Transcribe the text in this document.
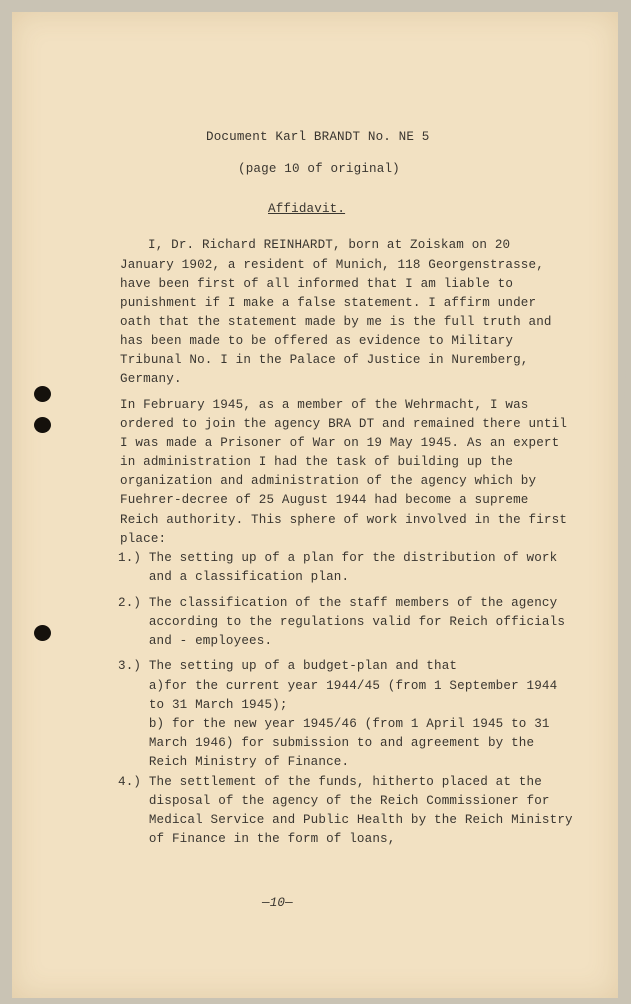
Document Karl BRANDT No. NE 5
(page 10 of original)
Affidavit.
I, Dr. Richard REINHARDT, born at Zoiskam on 20
January 1902, a resident of Munich, 118 Georgenstrasse,
have been first of all informed that I am liable to
punishment if I make a false statement. I affirm under
oath that the statement made by me is the full truth and
has been made to be offered as evidence to Military
Tribunal No. I in the Palace of Justice in Nuremberg,
Germany.
In February 1945, as a member of the Wehrmacht, I was
ordered to join the agency BRA DT and remained there until
I was made a Prisoner of War on 19 May 1945. As an expert
in administration I had the task of building up the
organization and administration of the agency which by
Fuehrer-decree of 25 August 1944 had become a supreme
Reich authority. This sphere of work involved in the first
place:
1.) The setting up of a plan for the distribution of work
and a classification plan.
2.) The classification of the staff members of the agency
according to the regulations valid for Reich officials
and - employees.
3.) The setting up of a budget-plan and that
a)for the current year 1944/45 (from 1 September 1944
to 31 March 1945);
b) for the new year 1945/46 (from 1 April 1945 to 31
March 1946) for submission to and agreement by the
Reich Ministry of Finance.
4.) The settlement of the funds, hitherto placed at the
disposal of the agency of the Reich Commissioner for
Medical Service and Public Health by the Reich Ministry
of Finance in the form of loans,
—10—
